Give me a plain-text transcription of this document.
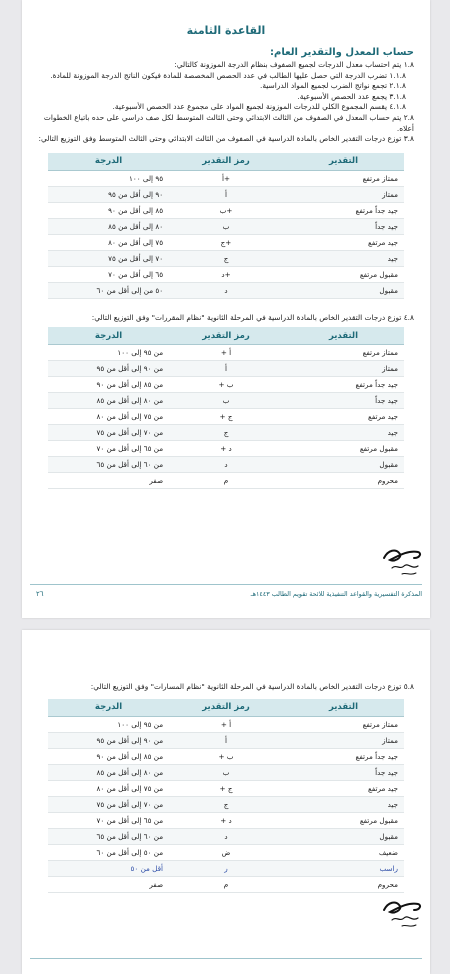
القاعدة الثامنة
حساب المعدل والتقدير العام:
١.٨ يتم احتساب معدل الدرجات لجميع الصفوف بنظام الدرجة الموزونة كالتالي:
١.١.٨ تضرب الدرجة التي حصل عليها الطالب في عدد الحصص المخصصة للمادة فيكون الناتج الدرجة الموزونة للمادة.
٢.١.٨ تجمع نواتج الضرب لجميع المواد الدراسية.
٣.١.٨ يجمع عدد الحصص الأسبوعية.
٤.١.٨ يقسم المجموع الكلي للدرجات الموزونة لجميع المواد على مجموع عدد الحصص الأسبوعية.
٢.٨ يتم حساب المعدل في الصفوف من الثالث الابتدائي وحتى الثالث المتوسط لكل صف دراسي على حده باتباع الخطوات أعلاه.
٣.٨ توزع درجات التقدير الخاص بالمادة الدراسية في الصفوف من الثالث الابتدائي وحتى الثالث المتوسط وفق التوزيع التالي:
التقدير	رمز التقدير	الدرجة
ممتاز مرتفع	+أ	٩٥ إلى ١٠٠
ممتاز	أ	٩٠ إلى أقل من ٩٥
جيد جداً مرتفع	+ب	٨٥ إلى أقل من ٩٠
جيد جداً	ب	٨٠ إلى أقل من ٨٥
جيد مرتفع	+ج	٧٥ إلى أقل من ٨٠
جيد	ج	٧٠ إلى أقل من ٧٥
مقبول مرتفع	+د	٦٥ إلى أقل من ٧٠
مقبول	د	٥٠ من إلى أقل من ٦٠
٤.٨ توزع درجات التقدير الخاص بالمادة الدراسية في المرحلة الثانوية "نظام المقررات" وفق التوزيع التالي:
التقدير	رمز التقدير	الدرجة
ممتاز مرتفع	أ +	من ٩٥ إلى ١٠٠
ممتاز	أ	من ٩٠ إلى أقل من ٩٥
جيد جداً مرتفع	ب +	من ٨٥ إلى أقل من ٩٠
جيد جداً	ب	من ٨٠ إلى أقل من ٨٥
جيد مرتفع	ج +	من ٧٥ إلى أقل من ٨٠
جيد	ج	من ٧٠ إلى أقل من ٧٥
مقبول مرتفع	د +	من ٦٥ إلى أقل من ٧٠
مقبول	د	من ٦٠ إلى أقل من ٦٥
محروم	م	صفر
المذكرة التفسيرية والقواعد التنفيذية للائحة تقويم الطالب ١٤٤٣هـ
٢٦
٥.٨ توزع درجات التقدير الخاص بالمادة الدراسية في المرحلة الثانوية "نظام المسارات" وفق التوزيع التالي:
التقدير	رمز التقدير	الدرجة
ممتاز مرتفع	أ +	من ٩٥ إلى ١٠٠
ممتاز	أ	من ٩٠ إلى أقل من ٩٥
جيد جداً مرتفع	ب +	من ٨٥ إلى أقل من ٩٠
جيد جداً	ب	من ٨٠ إلى أقل من ٨٥
جيد مرتفع	ج +	من ٧٥ إلى أقل من ٨٠
جيد	ج	من ٧٠ إلى أقل من ٧٥
مقبول مرتفع	د +	من ٦٥ إلى أقل من ٧٠
مقبول	د	من ٦٠ إلى أقل من ٦٥
ضعيف	ض	من ٥٠ إلى أقل من ٦٠
راسب	ر	أقل من ٥٠
محروم	م	صفر
